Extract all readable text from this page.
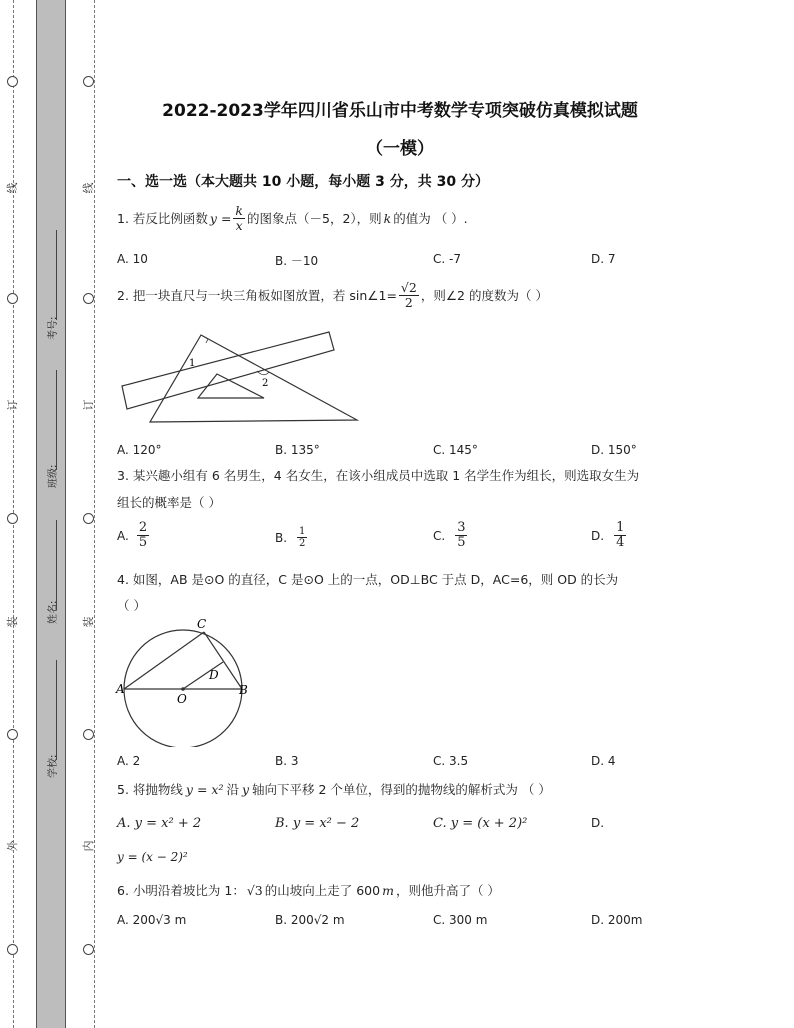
线
订
装
外
线
订
装
内
考号:
班级:
姓名:
学校:
2022-2023学年四川省乐山市中考数学专项突破仿真模拟试题
（一模）
一、选一选（本大题共 10 小题，每小题 3 分，共 30 分）
1. 若反比例函数 $y = \frac{k}{x}$ 的图象点（－5，2），则 k 的值为 （ ）.
A. 10	B. －10	C. -7	D. 7
2. 把一块直尺与一块三角板如图放置，若 sin∠1= $\frac{√2}{2}$ ，则∠2 的度数为（ ）
1
2
A. 120°	B. 135°	C. 145°	D. 150°
3. 某兴趣小组有 6 名男生，4 名女生，在该小组成员中选取 1 名学生作为组长，则选取女生为
组长的概率是（ ）
A. $\frac{2}{5}$	B. $\frac{1}{2}$	C. $\frac{3}{5}$	D. $\frac{1}{4}$
4. 如图，AB 是⊙O 的直径，C 是⊙O 上的一点，OD⊥BC 于点 D，AC=6，则 OD 的长为
（ ）
C
D
A	B
O
A. 2	B. 3	C. 3.5	D. 4
5. 将抛物线 y = x² 沿 y 轴向下平移 2 个单位，得到的抛物线的解析式为 （ ）
A. y = x² + 2	B. y = x² − 2	C. y = (x + 2)²	D.
y = (x − 2)²
6. 小明沿着坡比为 1： √3 的山坡向上走了 600 m ，则他升高了（ ）
A. 200√3 m	B. 200√2 m	C. 300 m	D. 200m
